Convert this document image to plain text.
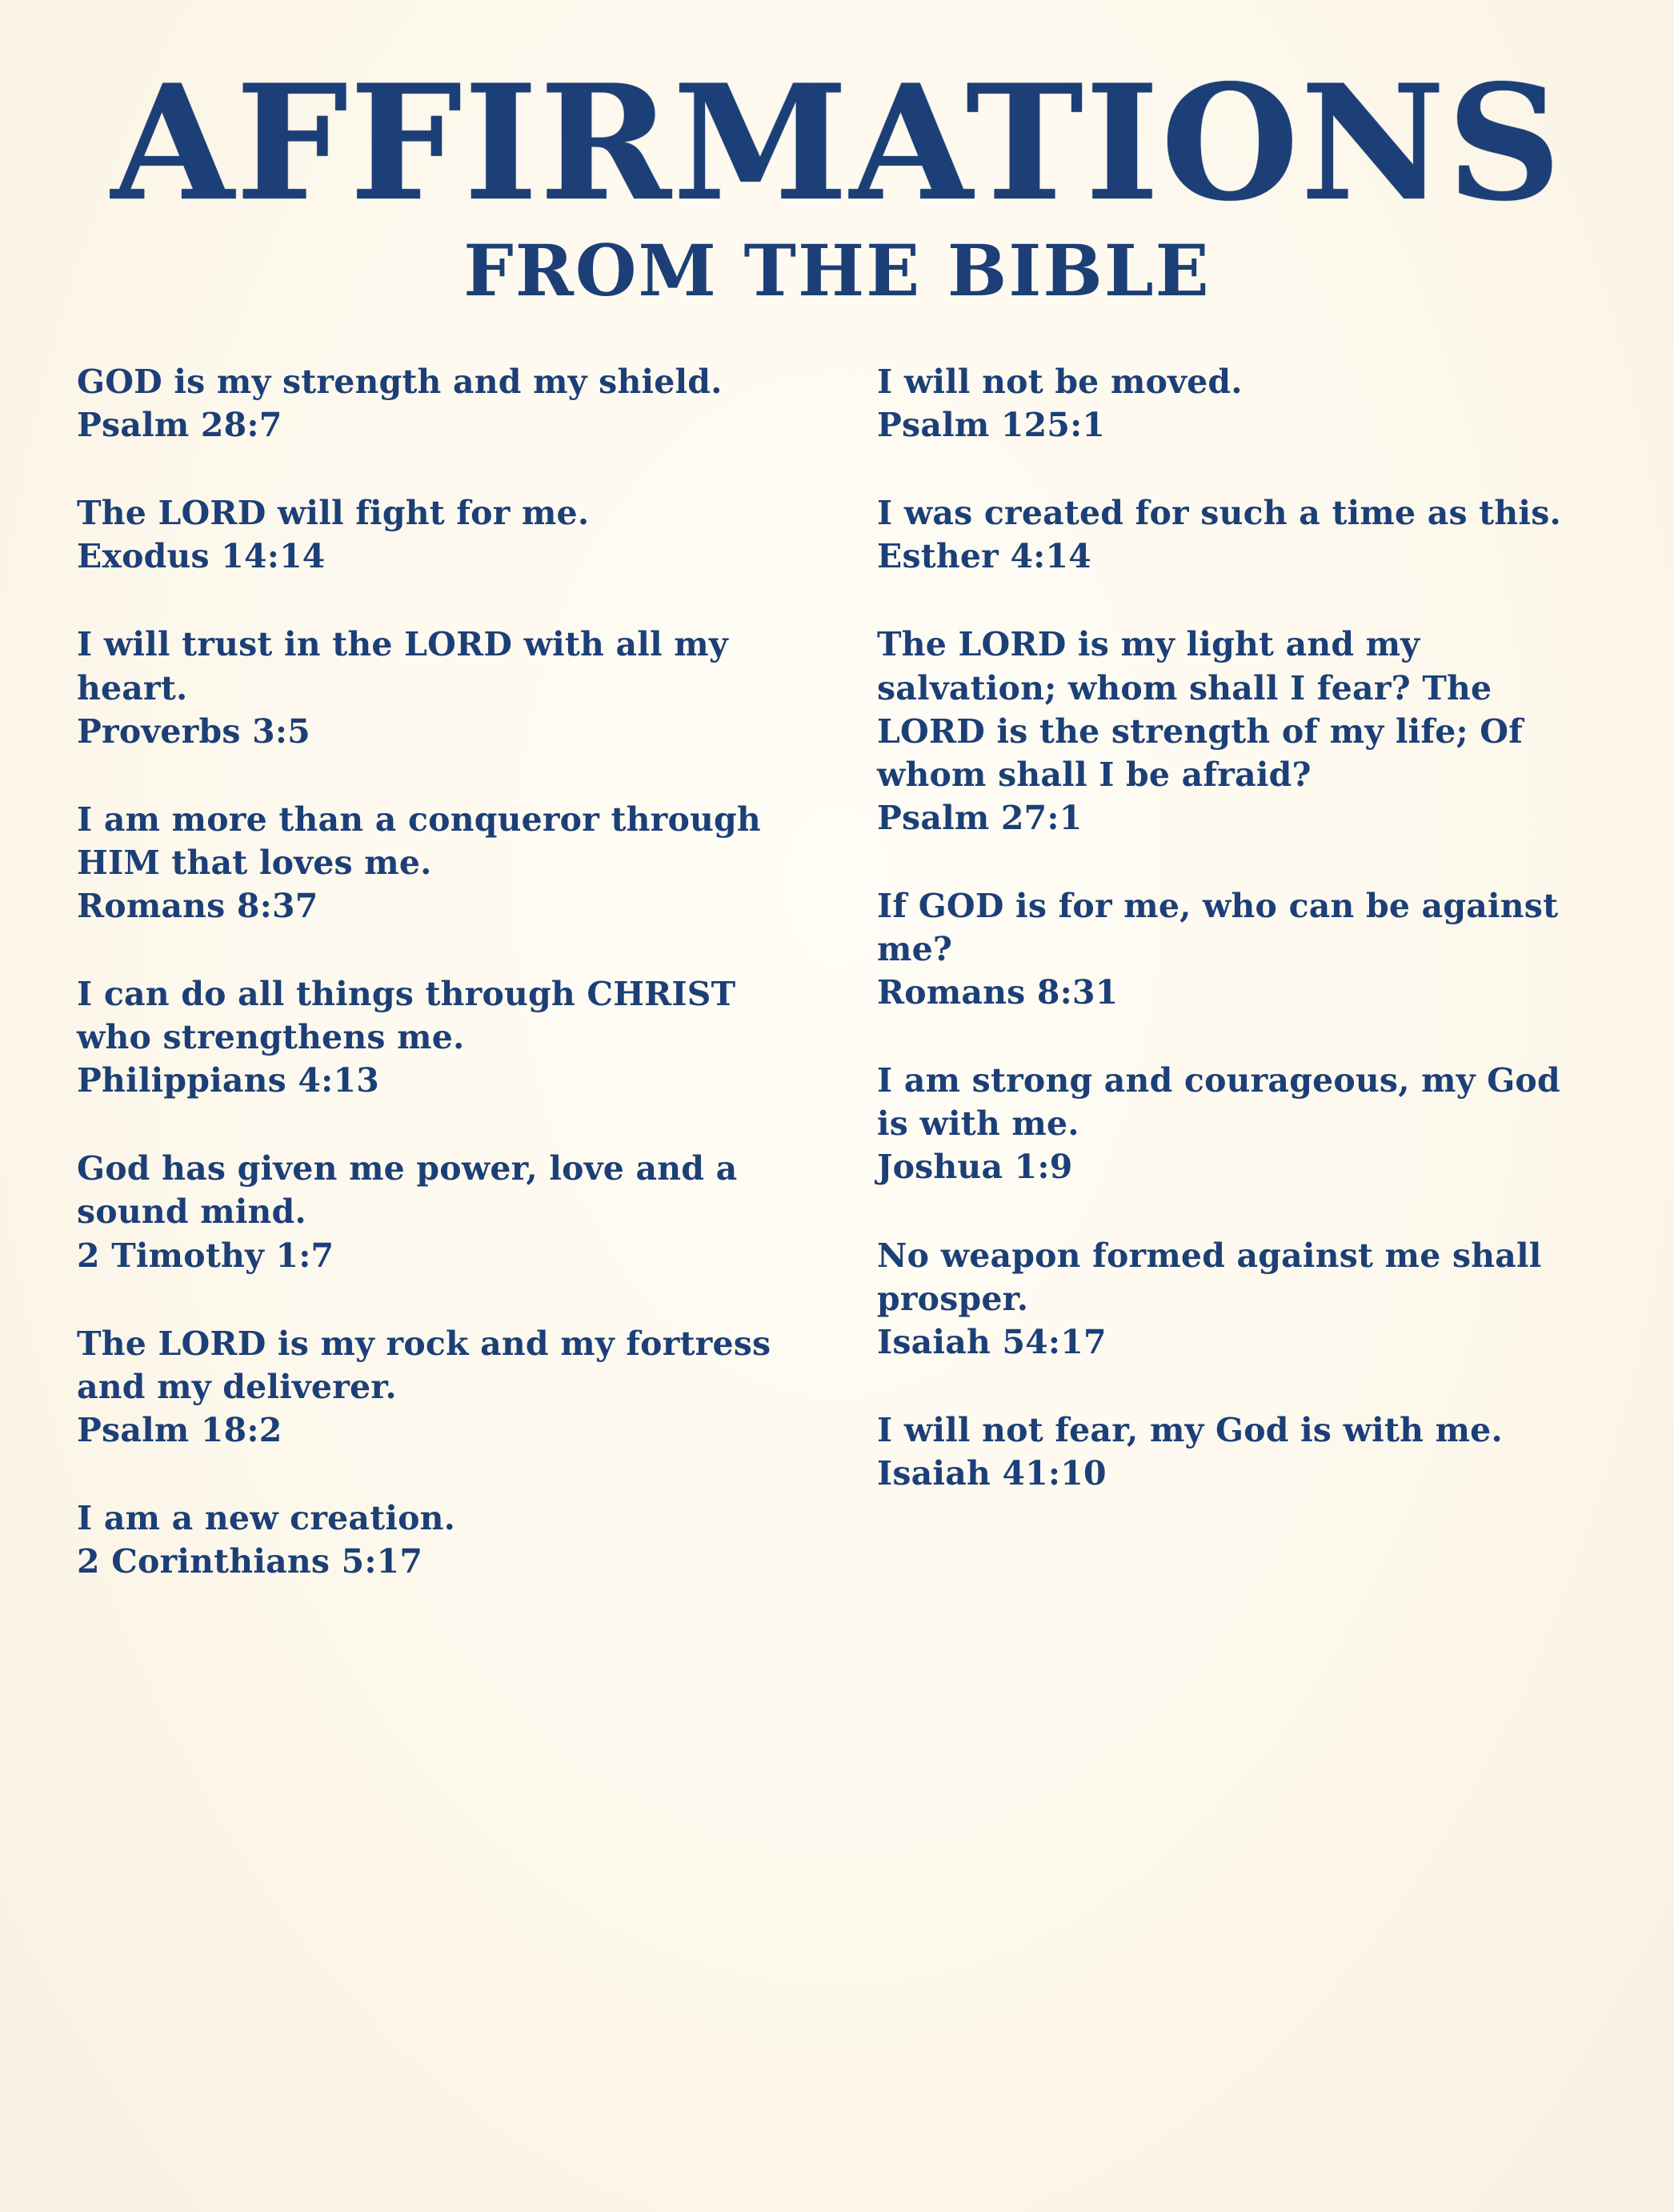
AFFIRMATIONS
FROM THE BIBLE

GOD is my strength and my shield.

Psalm 28:7

The LORD will fight for me.

Exodus 14:14

I will trust in the LORD with all my heart.

Proverbs 3:5

I am more than a conqueror through HIM that loves me.

Romans 8:37

I can do all things through CHRIST who strengthens me.

Philippians 4:13

God has given me power, love and a sound mind.

2 Timothy 1:7

The LORD is my rock and my fortress and my deliverer.

Psalm 18:2

I am a new creation.

2 Corinthians 5:17

I will not be moved.

Psalm 125:1

I was created for such a time as this.

Esther 4:14

The LORD is my light and my salvation; whom shall I fear? The LORD is the strength of my life; Of whom shall I be afraid?

Psalm 27:1

If GOD is for me, who can be against me?

Romans 8:31

I am strong and courageous, my God is with me.

Joshua 1:9

No weapon formed against me shall prosper.

Isaiah 54:17

I will not fear, my God is with me.

Isaiah 41:10
